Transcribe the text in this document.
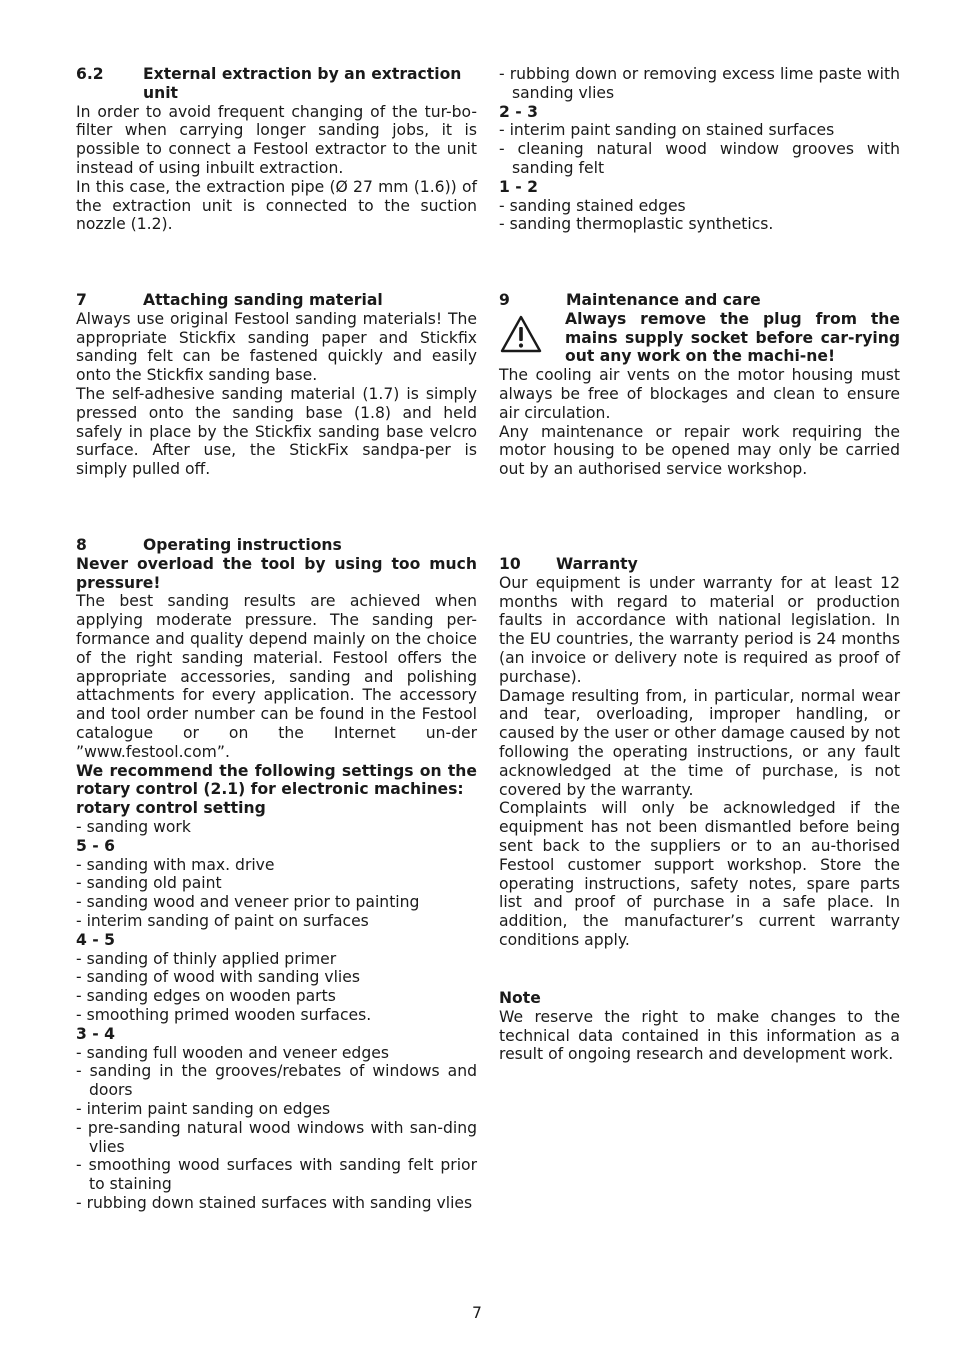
6.2	External extraction by an extraction unit

In order to avoid frequent changing of the tur-bo-filter when carrying longer sanding jobs, it is possible to connect a Festool extractor to the unit instead of using inbuilt extraction.

In this case, the extraction pipe (Ø 27 mm (1.6)) of the extraction unit is connected to the suction nozzle (1.2).

7	Attaching sanding material

Always use original Festool sanding materials! The appropriate Stickfix sanding paper and Stickfix sanding felt can be fastened quickly and easily onto the Stickfix sanding base.

The self-adhesive sanding material (1.7) is simply pressed onto the sanding base (1.8) and held safely in place by the Stickfix sanding base velcro surface. After use, the StickFix sandpa-per is simply pulled off.

8	Operating instructions

Never overload the tool by using too much pressure!

The best sanding results are achieved when applying moderate pressure. The sanding per-formance and quality depend mainly on the choice of the right sanding material. Festool offers the appropriate accessories, sanding and polishing attachments for every application. The accessory and tool order number can be found in the Festool catalogue or on the Internet un-der ”www.festool.com”.

We recommend the following settings on the rotary control (2.1) for electronic machines:

rotary control setting

- sanding work

5 - 6

- sanding with max. drive

- sanding old paint

- sanding wood and veneer prior to painting

- interim sanding of paint on surfaces

4 - 5

- sanding of thinly applied primer

- sanding of wood with sanding vlies

- sanding edges on wooden parts

- smoothing primed wooden surfaces.

3 - 4

- sanding full wooden and veneer edges

- sanding in the grooves/rebates of windows and doors

- interim paint sanding on edges

- pre-sanding natural wood windows with san-ding vlies

- smoothing wood surfaces with sanding felt prior to staining

- rubbing down stained surfaces with sanding vlies

- rubbing down or removing excess lime paste with sanding vlies

2 - 3

- interim paint sanding on stained surfaces

- cleaning natural wood window grooves with sanding felt

1 - 2

- sanding stained edges

- sanding thermoplastic synthetics.

9	Maintenance and care

Always remove the plug from the mains supply socket before car-rying out any work on the machi-ne!

The cooling air vents on the motor housing must always be free of blockages and clean to ensure air circulation.

Any maintenance or repair work requiring the motor housing to be opened may only be carried out by an authorised service workshop.

10	Warranty

Our equipment is under warranty for at least 12 months with regard to material or production faults in accordance with national legislation. In the EU countries, the warranty period is 24 months (an invoice or delivery note is required as proof of purchase).

Damage resulting from, in particular, normal wear and tear, overloading, improper handling, or caused by the user or other damage caused by not following the operating instructions, or any fault acknowledged at the time of purchase, is not covered by the warranty.

Complaints will only be acknowledged if the equipment has not been dismantled before being sent back to the suppliers or to an au-thorised Festool customer support workshop. Store the operating instructions, safety notes, spare parts list and proof of purchase in a safe place. In addition, the manufacturer’s current warranty conditions apply.

Note

We reserve the right to make changes to the technical data contained in this information as a result of ongoing research and development work.

7
